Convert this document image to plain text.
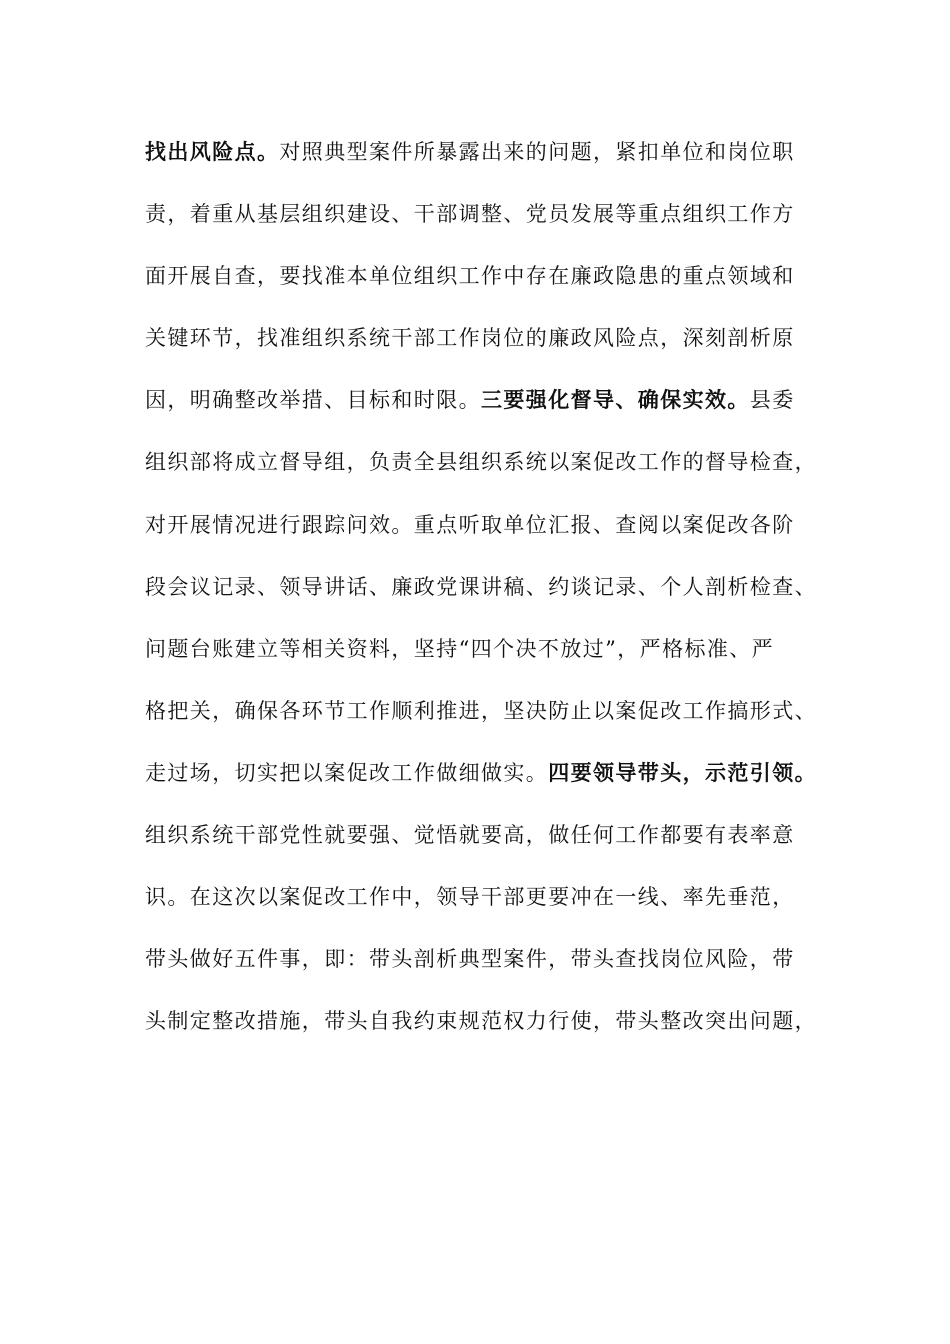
找出风险点。对照典型案件所暴露出来的问题，紧扣单位和岗位职
责，着重从基层组织建设、干部调整、党员发展等重点组织工作方
面开展自查，要找准本单位组织工作中存在廉政隐患的重点领域和
关键环节，找准组织系统干部工作岗位的廉政风险点，深刻剖析原
因，明确整改举措、目标和时限。三要强化督导、确保实效。县委
组织部将成立督导组，负责全县组织系统以案促改工作的督导检查，
对开展情况进行跟踪问效。重点听取单位汇报、查阅以案促改各阶
段会议记录、领导讲话、廉政党课讲稿、约谈记录、个人剖析检查、
问题台账建立等相关资料，坚持“四个决不放过”，严格标准、严
格把关，确保各环节工作顺利推进，坚决防止以案促改工作搞形式、
走过场，切实把以案促改工作做细做实。四要领导带头，示范引领。
组织系统干部党性就要强、觉悟就要高，做任何工作都要有表率意
识。在这次以案促改工作中，领导干部更要冲在一线、率先垂范，
带头做好五件事，即：带头剖析典型案件，带头查找岗位风险，带
头制定整改措施，带头自我约束规范权力行使，带头整改突出问题，
